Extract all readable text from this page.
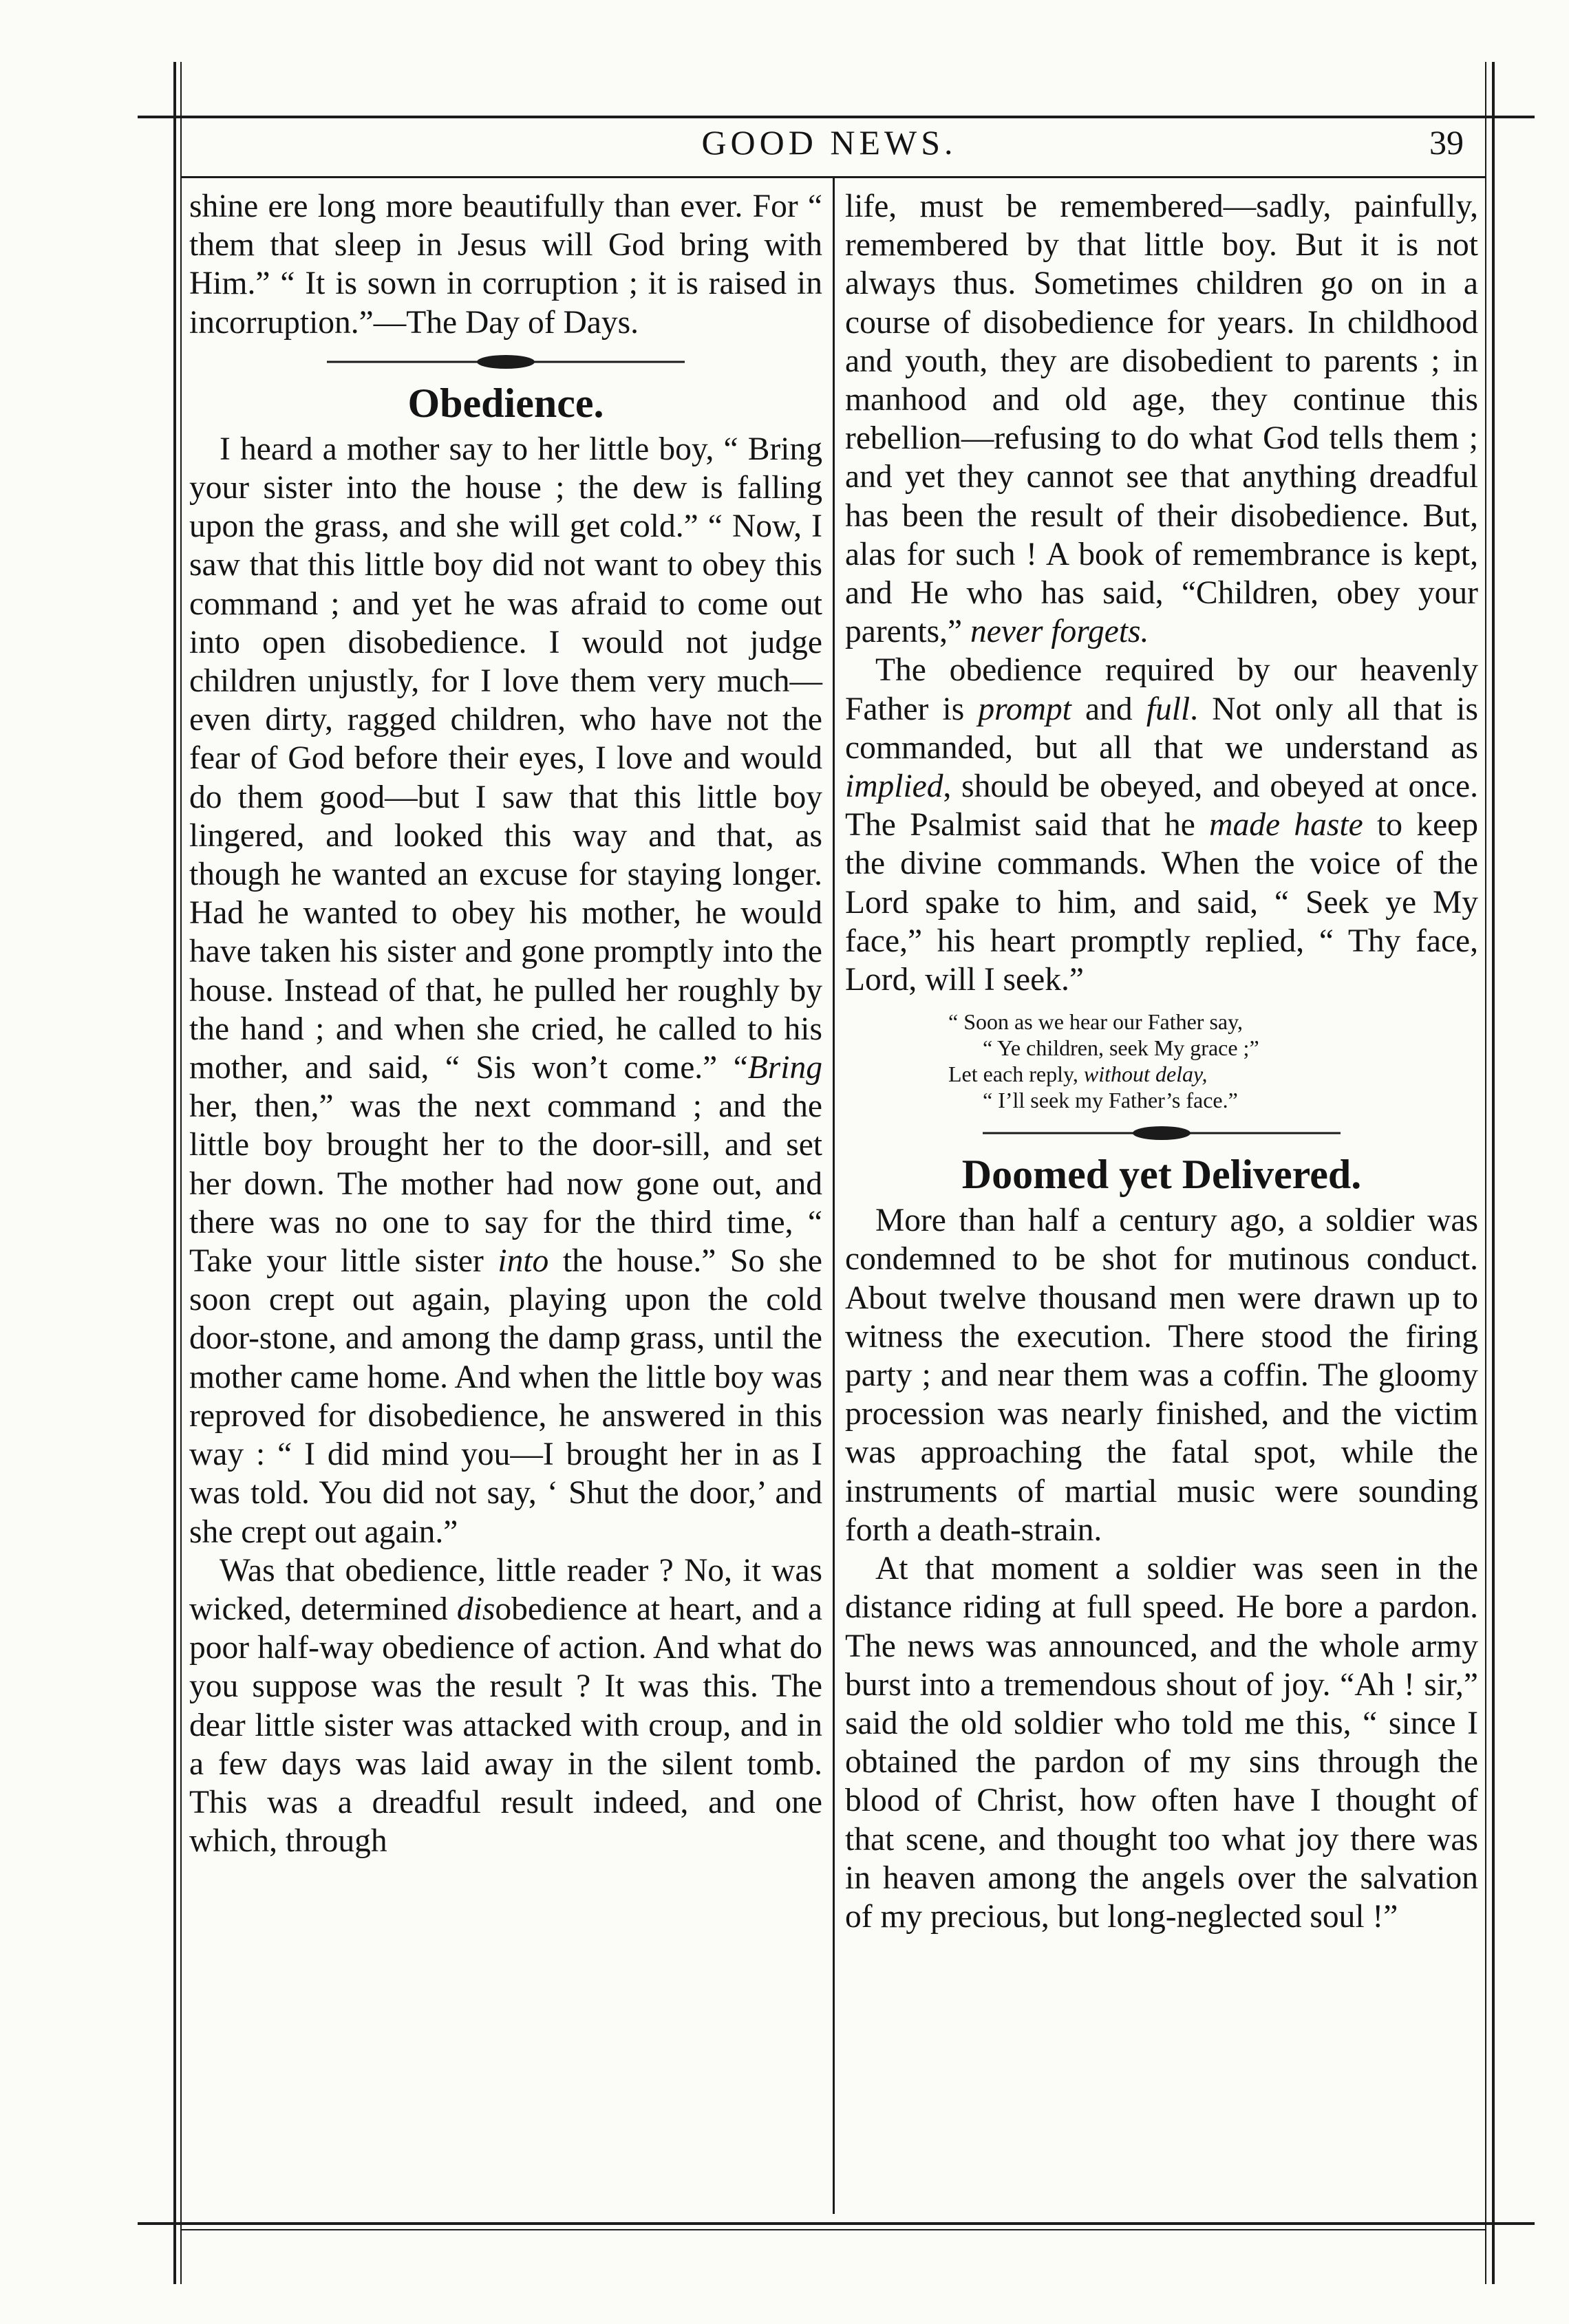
GOOD NEWS.	39

shine ere long more beautifully than ever. For “ them that sleep in Jesus will God bring with Him.” “ It is sown in corruption ; it is raised in incorruption.”—The Day of Days.

Obedience.

I heard a mother say to her little boy, “ Bring your sister into the house ; the dew is falling upon the grass, and she will get cold.” “ Now, I saw that this little boy did not want to obey this command ; and yet he was afraid to come out into open disobedience. I would not judge children unjustly, for I love them very much—even dirty, ragged children, who have not the fear of God before their eyes, I love and would do them good—but I saw that this little boy lingered, and looked this way and that, as though he wanted an excuse for staying longer. Had he wanted to obey his mother, he would have taken his sister and gone promptly into the house. Instead of that, he pulled her roughly by the hand ; and when she cried, he called to his mother, and said, “ Sis won’t come.” “Bring her, then,” was the next command ; and the little boy brought her to the door-sill, and set her down. The mother had now gone out, and there was no one to say for the third time, “ Take your little sister into the house.” So she soon crept out again, playing upon the cold door-stone, and among the damp grass, until the mother came home. And when the little boy was reproved for disobedience, he answered in this way : “ I did mind you—I brought her in as I was told. You did not say, ‘ Shut the door,’ and she crept out again.”

Was that obedience, little reader ? No, it was wicked, determined disobedience at heart, and a poor half-way obedience of action. And what do you suppose was the result ? It was this. The dear little sister was attacked with croup, and in a few days was laid away in the silent tomb. This was a dreadful result indeed, and one which, through

life, must be remembered—sadly, painfully, remembered by that little boy. But it is not always thus. Sometimes children go on in a course of disobedience for years. In childhood and youth, they are disobedient to parents ; in manhood and old age, they continue this rebellion—refusing to do what God tells them ; and yet they cannot see that anything dreadful has been the result of their disobedience. But, alas for such ! A book of remembrance is kept, and He who has said, “Children, obey your parents,” never forgets.

The obedience required by our heavenly Father is prompt and full. Not only all that is commanded, but all that we understand as implied, should be obeyed, and obeyed at once. The Psalmist said that he made haste to keep the divine commands. When the voice of the Lord spake to him, and said, “ Seek ye My face,” his heart promptly replied, “ Thy face, Lord, will I seek.”

“ Soon as we hear our Father say,
“ Ye children, seek My grace ;”
Let each reply, without delay,
“ I’ll seek my Father’s face.”
Doomed yet Delivered.

More than half a century ago, a soldier was condemned to be shot for mutinous conduct. About twelve thousand men were drawn up to witness the execution. There stood the firing party ; and near them was a coffin. The gloomy procession was nearly finished, and the victim was approaching the fatal spot, while the instruments of martial music were sounding forth a death-strain.

At that moment a soldier was seen in the distance riding at full speed. He bore a pardon. The news was announced, and the whole army burst into a tremendous shout of joy. “Ah ! sir,” said the old soldier who told me this, “ since I obtained the pardon of my sins through the blood of Christ, how often have I thought of that scene, and thought too what joy there was in heaven among the angels over the salvation of my precious, but long-neglected soul !”
